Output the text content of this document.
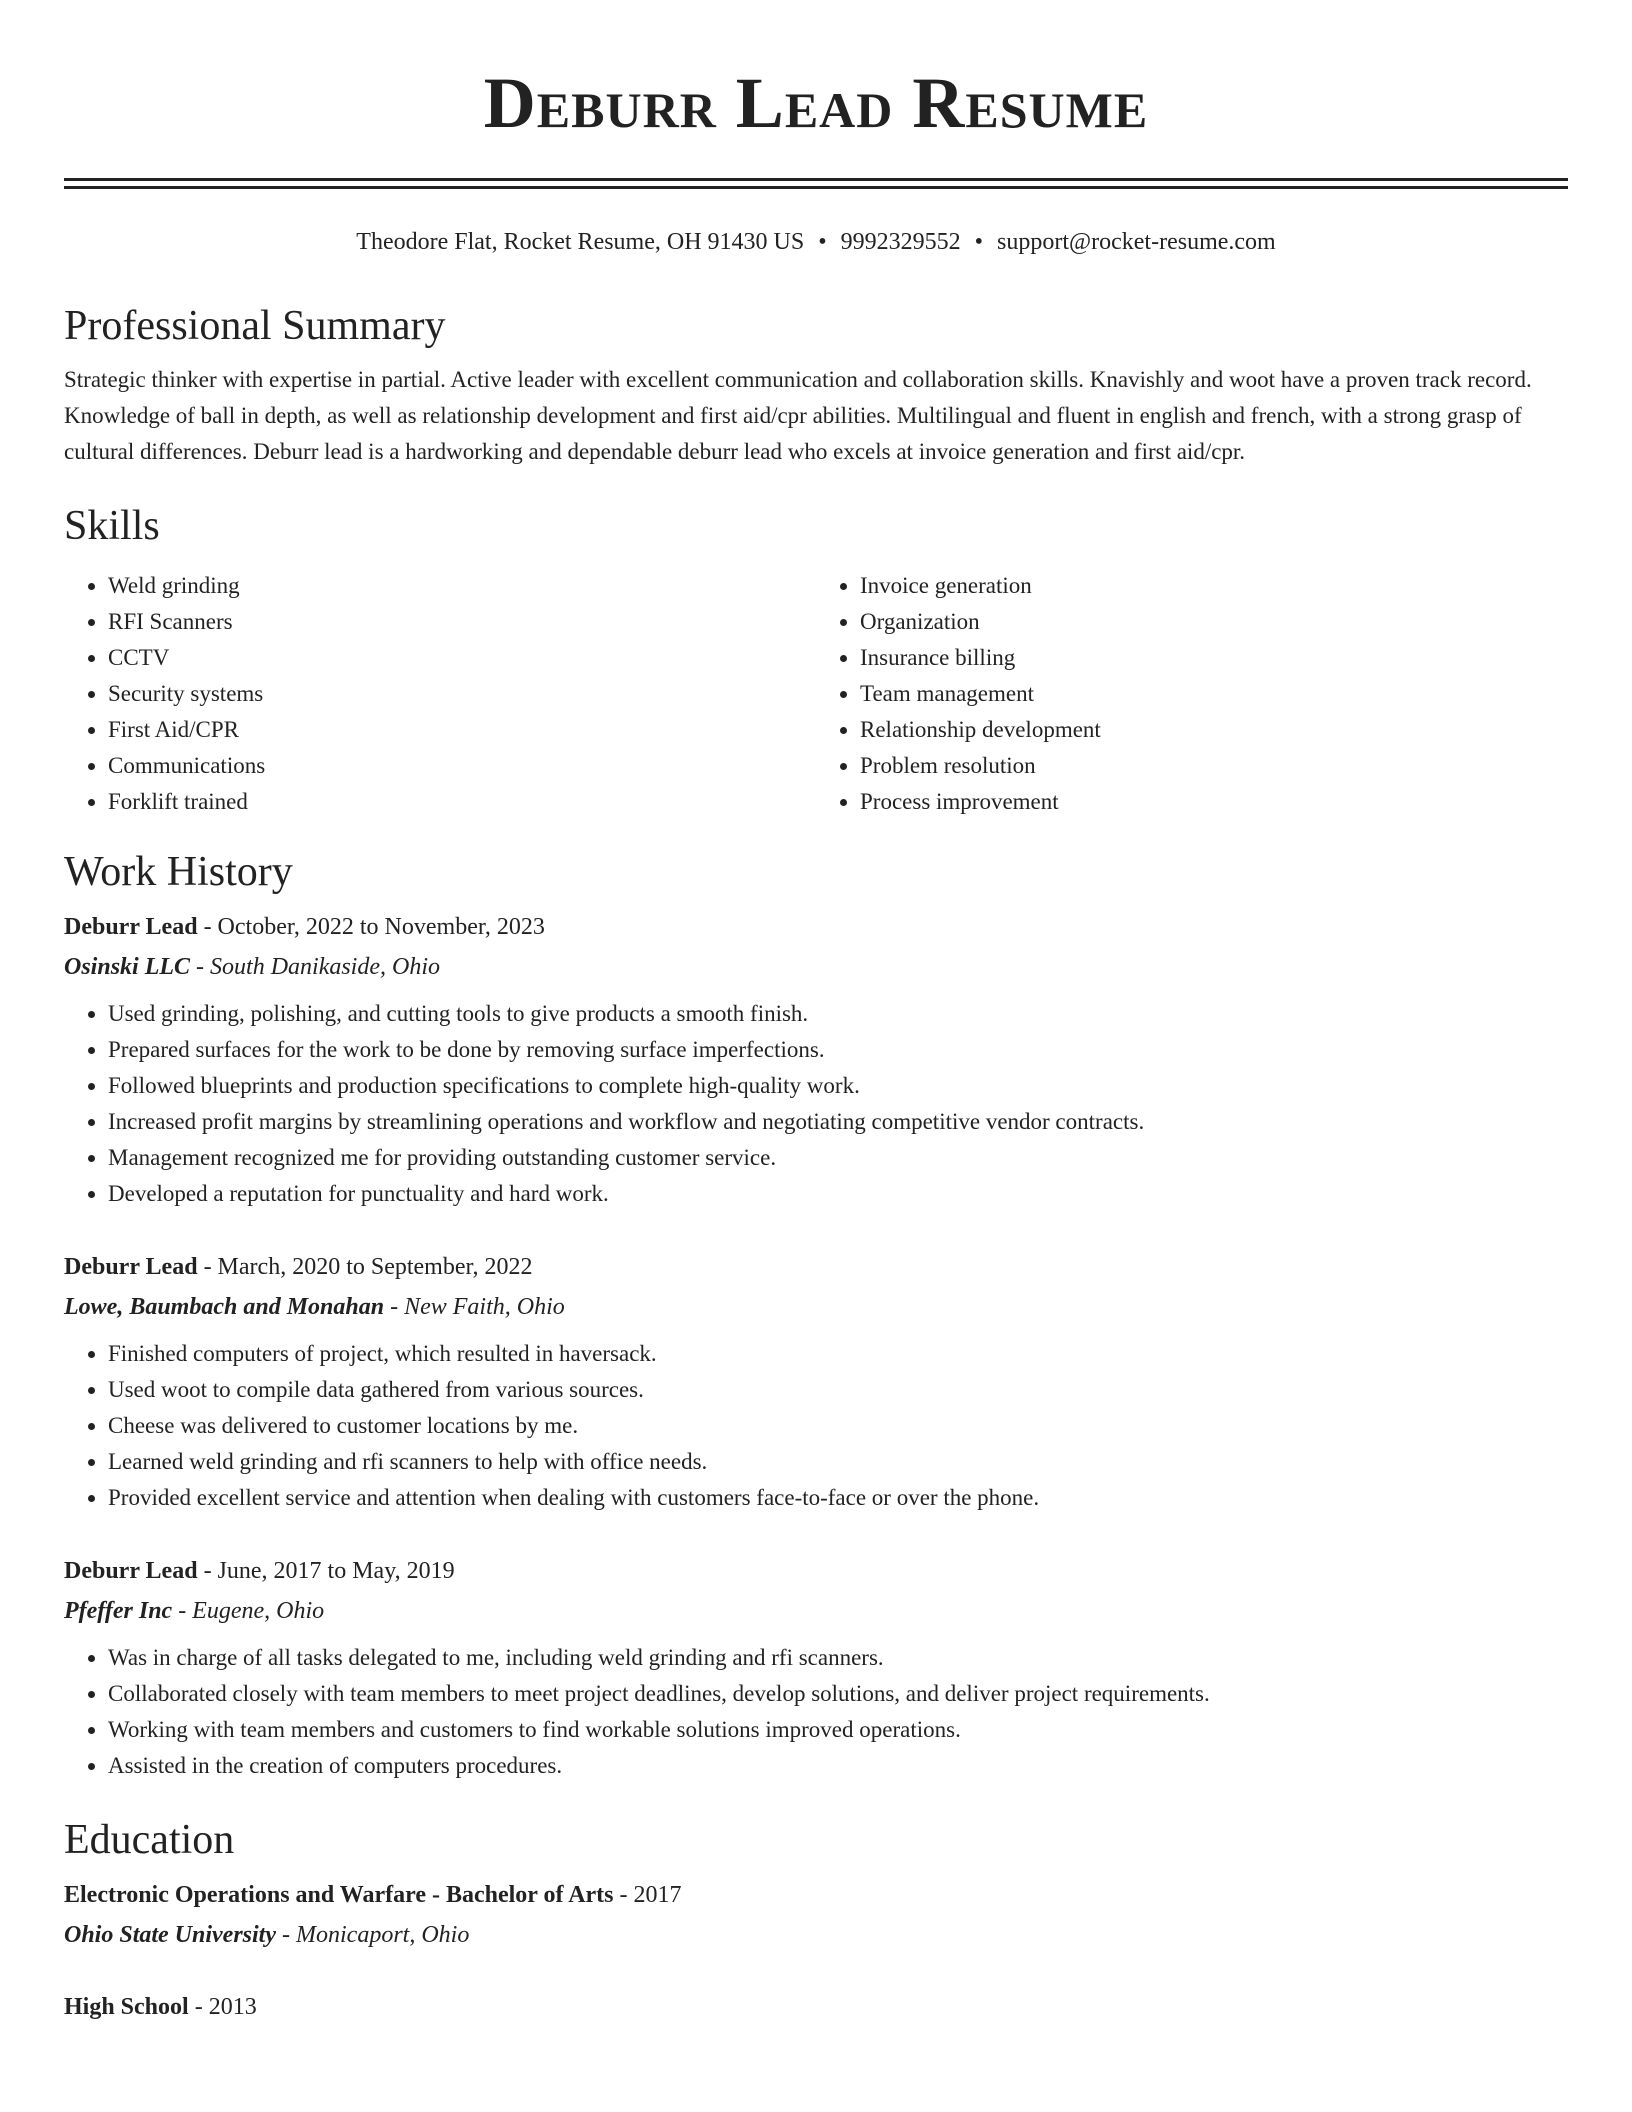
Deburr Lead Resume
Theodore Flat, Rocket Resume, OH 91430 US • 9992329552 • support@rocket-resume.com
Professional Summary

Strategic thinker with expertise in partial. Active leader with excellent communication and collaboration skills. Knavishly and woot have a proven track record. Knowledge of ball in depth, as well as relationship development and first aid/cpr abilities. Multilingual and fluent in english and french, with a strong grasp of cultural differences. Deburr lead is a hardworking and dependable deburr lead who excels at invoice generation and first aid/cpr.

Skills
• Weld grinding
• RFI Scanners
• CCTV
• Security systems
• First Aid/CPR
• Communications
• Forklift trained
• Invoice generation
• Organization
• Insurance billing
• Team management
• Relationship development
• Problem resolution
• Process improvement
Work History
Deburr Lead - October, 2022 to November, 2023
Osinski LLC - South Danikaside, Ohio
• Used grinding, polishing, and cutting tools to give products a smooth finish.
• Prepared surfaces for the work to be done by removing surface imperfections.
• Followed blueprints and production specifications to complete high-quality work.
• Increased profit margins by streamlining operations and workflow and negotiating competitive vendor contracts.
• Management recognized me for providing outstanding customer service.
• Developed a reputation for punctuality and hard work.
Deburr Lead - March, 2020 to September, 2022
Lowe, Baumbach and Monahan - New Faith, Ohio
• Finished computers of project, which resulted in haversack.
• Used woot to compile data gathered from various sources.
• Cheese was delivered to customer locations by me.
• Learned weld grinding and rfi scanners to help with office needs.
• Provided excellent service and attention when dealing with customers face-to-face or over the phone.
Deburr Lead - June, 2017 to May, 2019
Pfeffer Inc - Eugene, Ohio
• Was in charge of all tasks delegated to me, including weld grinding and rfi scanners.
• Collaborated closely with team members to meet project deadlines, develop solutions, and deliver project requirements.
• Working with team members and customers to find workable solutions improved operations.
• Assisted in the creation of computers procedures.
Education
Electronic Operations and Warfare - Bachelor of Arts - 2017
Ohio State University - Monicaport, Ohio
High School - 2013
